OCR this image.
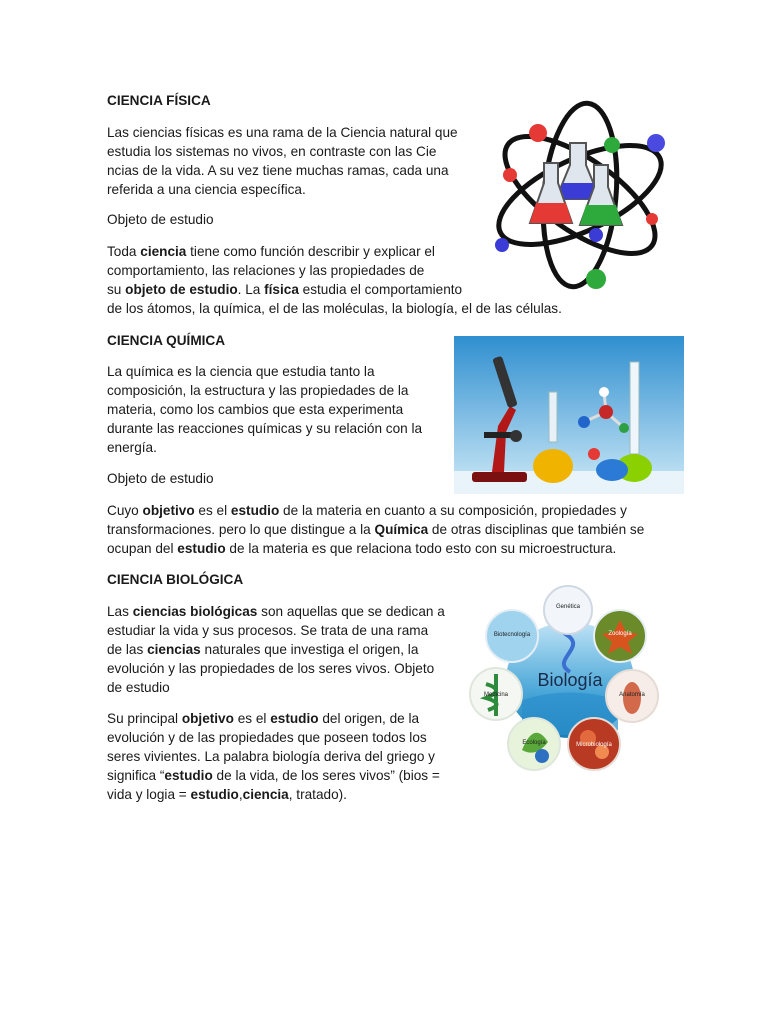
CIENCIA FÍSICA
Las ciencias físicas es una rama de la Ciencia natural que
estudia los sistemas no vivos, en contraste con las Cie
ncias de la vida. A su vez tiene muchas ramas, cada una
referida a una ciencia específica.
Objeto de estudio
Toda ciencia tiene como función describir y explicar el
comportamiento, las relaciones y las propiedades de
su objeto de estudio. La física estudia el comportamiento
de los átomos, la química, el de las moléculas, la biología, el de las células.
CIENCIA QUÍMICA
La química es la ciencia que estudia tanto la
composición, la estructura y las propiedades de la
materia, como los cambios que esta experimenta
durante las reacciones químicas y su relación con la
energía.
Objeto de estudio
Cuyo objetivo es el estudio de la materia en cuanto a su composición, propiedades y
transformaciones. pero lo que distingue a la Química de otras disciplinas que también se
ocupan del estudio de la materia es que relaciona todo esto con su microestructura.
CIENCIA BIOLÓGICA
Las ciencias biológicas son aquellas que se dedican a
estudiar la vida y sus procesos. Se trata de una rama
de las ciencias naturales que investiga el origen, la
evolución y las propiedades de los seres vivos. Objeto
de estudio
Su principal objetivo es el estudio del origen, de la
evolución y de las propiedades que poseen todos los
seres vivientes. La palabra biología deriva del griego y
significa “estudio de la vida, de los seres vivos” (bios =
vida y logia = estudio,ciencia, tratado).
Biología
Genética
Biotecnología	Zoología
Medicina	Anatomía
Ecología	Microbiología
